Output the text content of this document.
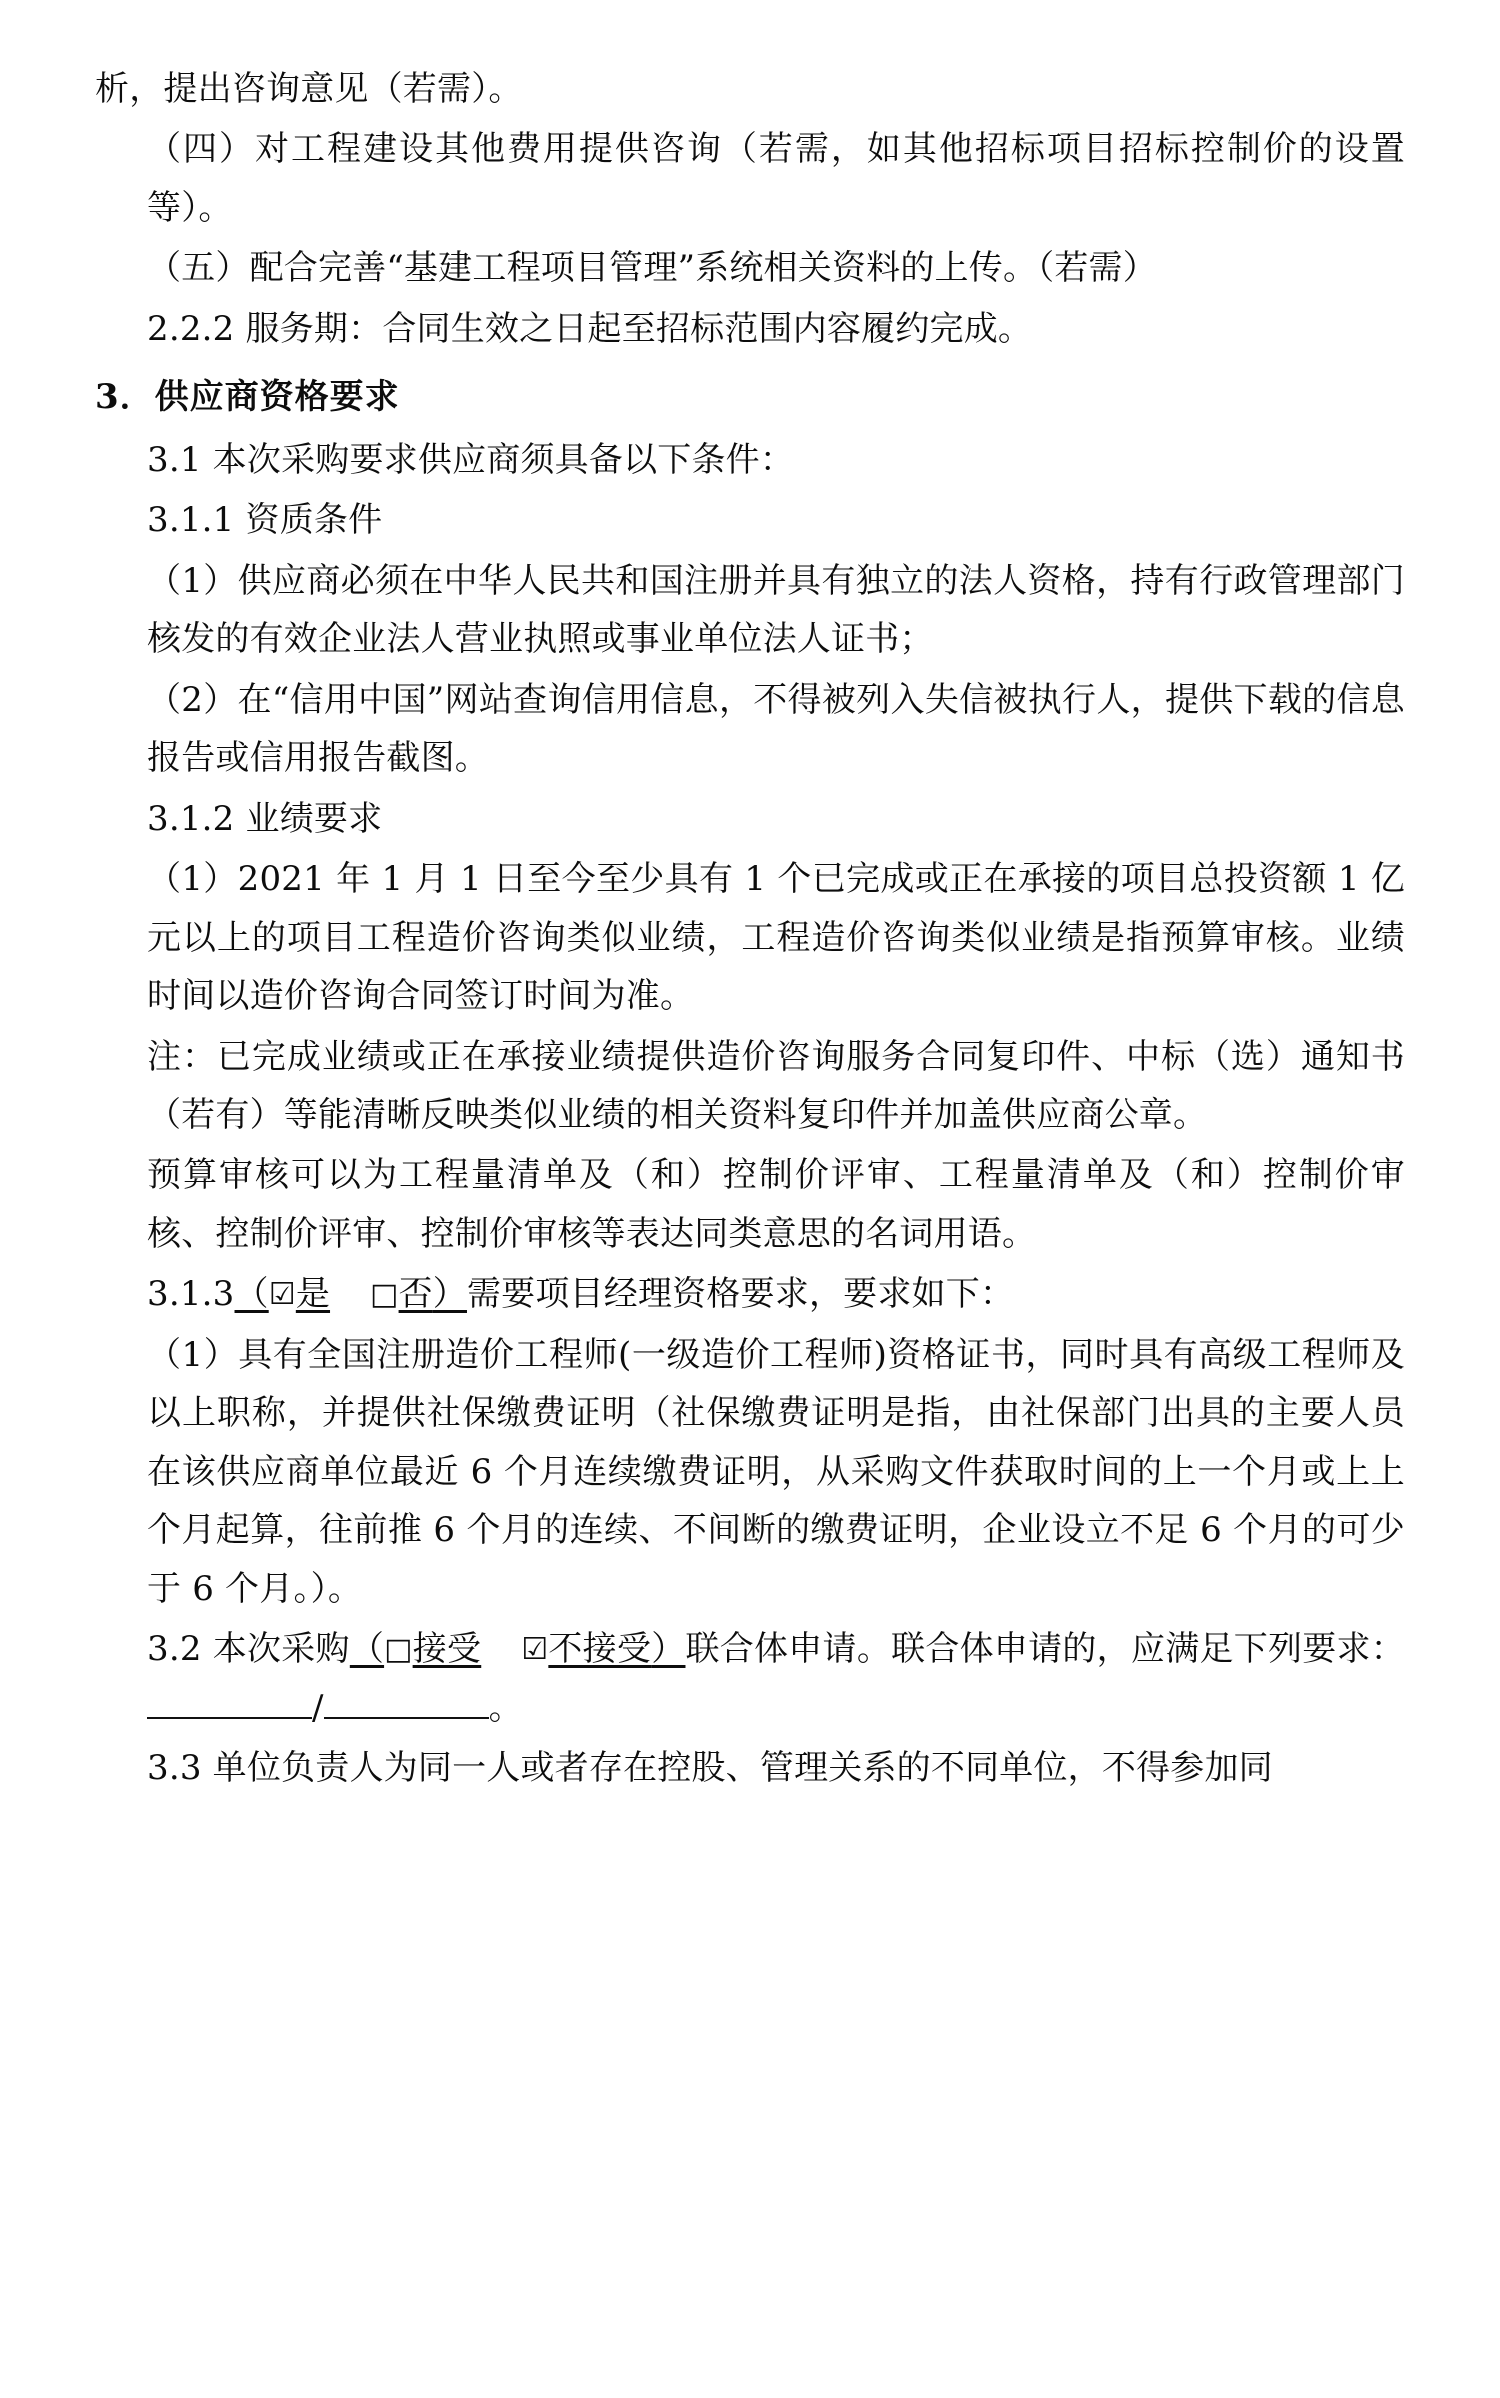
析，提出咨询意见（若需）。

（四）对工程建设其他费用提供咨询（若需，如其他招标项目招标控制价的设置等）。

（五）配合完善“基建工程项目管理”系统相关资料的上传。（若需）

2.2.2 服务期：合同生效之日起至招标范围内容履约完成。

3．供应商资格要求

3.1 本次采购要求供应商须具备以下条件：

3.1.1 资质条件

（1）供应商必须在中华人民共和国注册并具有独立的法人资格，持有行政管理部门核发的有效企业法人营业执照或事业单位法人证书；

（2）在“信用中国”网站查询信用信息，不得被列入失信被执行人，提供下载的信息报告或信用报告截图。

3.1.2 业绩要求

（1）2021 年 1 月 1 日至今至少具有 1 个已完成或正在承接的项目总投资额 1 亿元以上的项目工程造价咨询类似业绩，工程造价咨询类似业绩是指预算审核。业绩时间以造价咨询合同签订时间为准。

注：已完成业绩或正在承接业绩提供造价咨询服务合同复印件、中标（选）通知书（若有）等能清晰反映类似业绩的相关资料复印件并加盖供应商公章。

预算审核可以为工程量清单及（和）控制价评审、工程量清单及（和）控制价审核、控制价评审、控制价审核等表达同类意思的名词用语。

3.1.3（☑是 □否）需要项目经理资格要求，要求如下：

（1）具有全国注册造价工程师(一级造价工程师)资格证书，同时具有高级工程师及以上职称，并提供社保缴费证明（社保缴费证明是指，由社保部门出具的主要人员在该供应商单位最近 6 个月连续缴费证明，从采购文件获取时间的上一个月或上上个月起算，往前推 6 个月的连续、不间断的缴费证明，企业设立不足 6 个月的可少于 6 个月。）。

3.2 本次采购（□接受 ☑不接受）联合体申请。联合体申请的，应满足下列要求：/	。

3.3 单位负责人为同一人或者存在控股、管理关系的不同单位，不得参加同
